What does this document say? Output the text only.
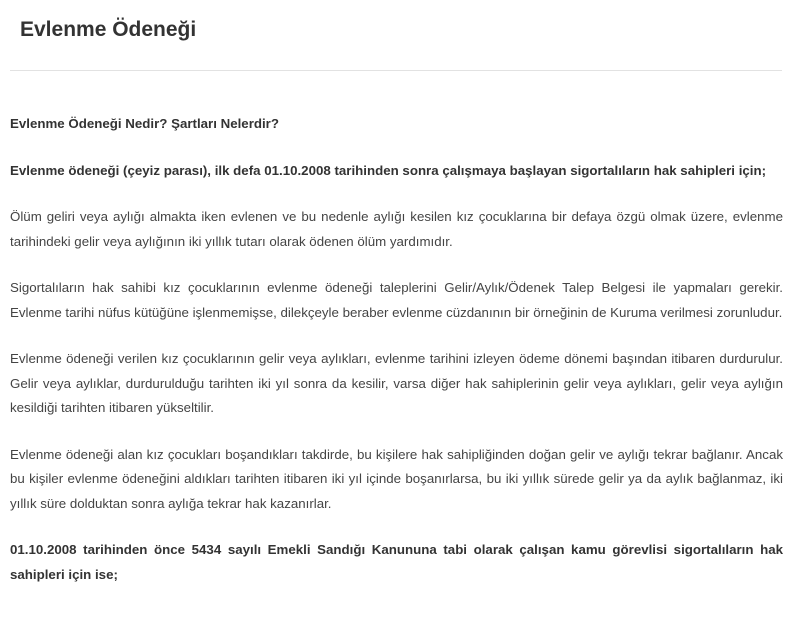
Evlenme Ödeneği

Evlenme Ödeneği Nedir? Şartları Nelerdir?

Evlenme ödeneği (çeyiz parası), ilk defa 01.10.2008 tarihinden sonra çalışmaya başlayan sigortalıların hak sahipleri için;

Ölüm geliri veya aylığı almakta iken evlenen ve bu nedenle aylığı kesilen kız çocuklarına bir defaya özgü olmak üzere, evlenme tarihindeki gelir veya aylığının iki yıllık tutarı olarak ödenen ölüm yardımıdır.

Sigortalıların hak sahibi kız çocuklarının evlenme ödeneği taleplerini Gelir/Aylık/Ödenek Talep Belgesi ile yapmaları gerekir. Evlenme tarihi nüfus kütüğüne işlenmemişse, dilekçeyle beraber evlenme cüzdanının bir örneğinin de Kuruma verilmesi zorunludur.

Evlenme ödeneği verilen kız çocuklarının gelir veya aylıkları, evlenme tarihini izleyen ödeme dönemi başından itibaren durdurulur. Gelir veya aylıklar, durdurulduğu tarihten iki yıl sonra da kesilir, varsa diğer hak sahiplerinin gelir veya aylıkları, gelir veya aylığın kesildiği tarihten itibaren yükseltilir.

Evlenme ödeneği alan kız çocukları boşandıkları takdirde, bu kişilere hak sahipliğinden doğan gelir ve aylığı tekrar bağlanır. Ancak bu kişiler evlenme ödeneğini aldıkları tarihten itibaren iki yıl içinde boşanırlarsa, bu iki yıllık sürede gelir ya da aylık bağlanmaz, iki yıllık süre dolduktan sonra aylığa tekrar hak kazanırlar.

01.10.2008 tarihinden önce 5434 sayılı Emekli Sandığı Kanununa tabi olarak çalışan kamu görevlisi sigortalıların hak sahipleri için ise;
